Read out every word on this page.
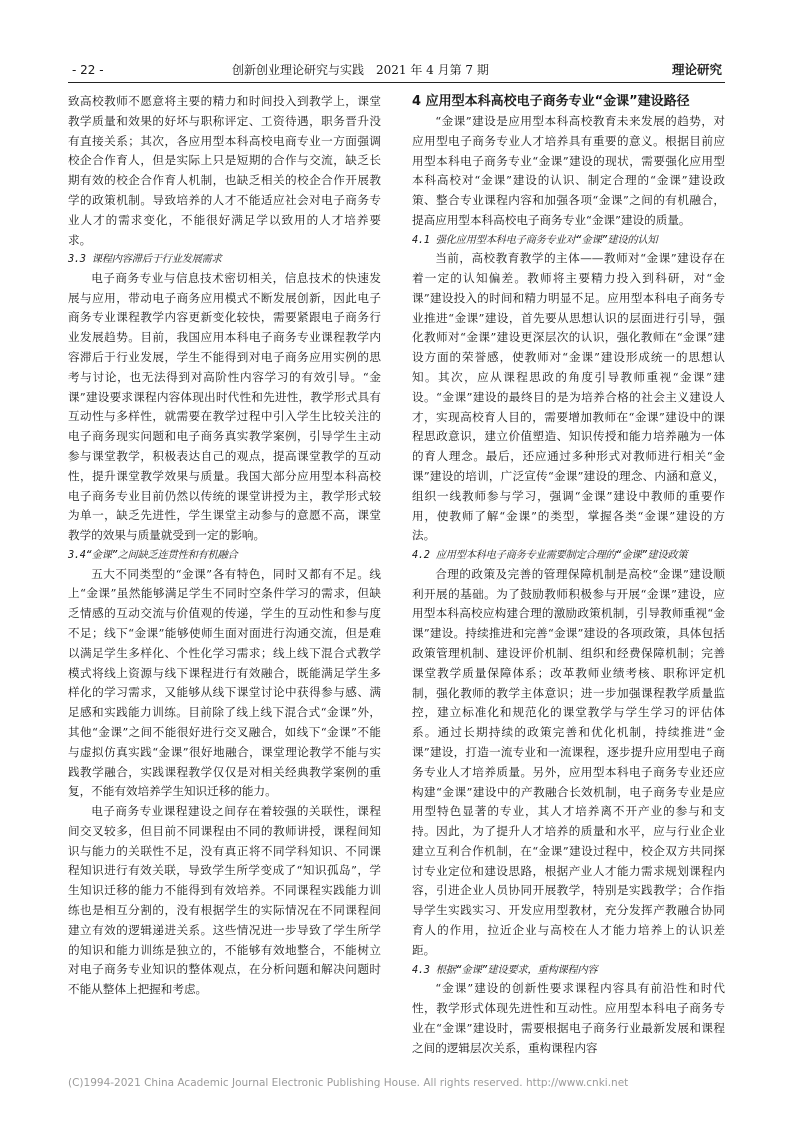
- 22 -	创新创业理论研究与实践　2021 年 4 月第 7 期	理论研究

致高校教师不愿意将主要的精力和时间投入到教学上，课堂教学质量和效果的好坏与职称评定、工资待遇，职务晋升没有直接关系；其次，各应用型本科高校电商专业一方面强调校企合作育人，但是实际上只是短期的合作与交流，缺乏长期有效的校企合作育人机制，也缺乏相关的校企合作开展教学的政策机制。导致培养的人才不能适应社会对电子商务专业人才的需求变化，不能很好满足学以致用的人才培养要求。

3.3 课程内容滞后于行业发展需求

电子商务专业与信息技术密切相关，信息技术的快速发展与应用，带动电子商务应用模式不断发展创新，因此电子商务专业课程教学内容更新变化较快，需要紧跟电子商务行业发展趋势。目前，我国应用本科电子商务专业课程教学内容滞后于行业发展，学生不能得到对电子商务应用实例的思考与讨论，也无法得到对高阶性内容学习的有效引导。“金课”建设要求课程内容体现出时代性和先进性，教学形式具有互动性与多样性，就需要在教学过程中引入学生比较关注的电子商务现实问题和电子商务真实教学案例，引导学生主动参与课堂教学，积极表达自己的观点，提高课堂教学的互动性，提升课堂教学效果与质量。我国大部分应用型本科高校电子商务专业目前仍然以传统的课堂讲授为主，教学形式较为单一，缺乏先进性，学生课堂主动参与的意愿不高，课堂教学的效果与质量就受到一定的影响。

3.4“金课”之间缺乏连贯性和有机融合

五大不同类型的“金课”各有特色，同时又都有不足。线上“金课”虽然能够满足学生不同时空条件学习的需求，但缺乏情感的互动交流与价值观的传递，学生的互动性和参与度不足；线下“金课”能够使师生面对面进行沟通交流，但是难以满足学生多样化、个性化学习需求；线上线下混合式教学模式将线上资源与线下课程进行有效融合，既能满足学生多样化的学习需求，又能够从线下课堂讨论中获得参与感、满足感和实践能力训练。目前除了线上线下混合式“金课”外，其他“金课”之间不能很好进行交叉融合，如线下“金课”不能与虚拟仿真实践“金课”很好地融合，课堂理论教学不能与实践教学融合，实践课程教学仅仅是对相关经典教学案例的重复，不能有效培养学生知识迁移的能力。

电子商务专业课程建设之间存在着较强的关联性，课程间交叉较多，但目前不同课程由不同的教师讲授，课程间知识与能力的关联性不足，没有真正将不同学科知识、不同课程知识进行有效关联，导致学生所学变成了“知识孤岛”，学生知识迁移的能力不能得到有效培养。不同课程实践能力训练也是相互分割的，没有根据学生的实际情况在不同课程间建立有效的逻辑递进关系。这些情况进一步导致了学生所学的知识和能力训练是独立的，不能够有效地整合，不能树立对电子商务专业知识的整体观点，在分析问题和解决问题时不能从整体上把握和考虑。

4 应用型本科高校电子商务专业“金课”建设路径

“金课”建设是应用型本科高校教育未来发展的趋势，对应用型电子商务专业人才培养具有重要的意义。根据目前应用型本科电子商务专业“金课”建设的现状，需要强化应用型本科高校对“金课”建设的认识、制定合理的“金课”建设政策、整合专业课程内容和加强各项“金课”之间的有机融合，提高应用型本科高校电子商务专业“金课”建设的质量。

4.1 强化应用型本科电子商务专业对“金课”建设的认知

当前，高校教育教学的主体——教师对“金课”建设存在着一定的认知偏差。教师将主要精力投入到科研，对“金课”建设投入的时间和精力明显不足。应用型本科电子商务专业推进“金课”建设，首先要从思想认识的层面进行引导，强化教师对“金课”建设更深层次的认识，强化教师在“金课”建设方面的荣誉感，使教师对“金课”建设形成统一的思想认知。其次，应从课程思政的角度引导教师重视“金课”建设。“金课”建设的最终目的是为培养合格的社会主义建设人才，实现高校育人目的，需要增加教师在“金课”建设中的课程思政意识，建立价值塑造、知识传授和能力培养融为一体的育人理念。最后，还应通过多种形式对教师进行相关“金课”建设的培训，广泛宣传“金课”建设的理念、内涵和意义，组织一线教师参与学习，强调“金课”建设中教师的重要作用，使教师了解“金课”的类型，掌握各类“金课”建设的方法。

4.2 应用型本科电子商务专业需要制定合理的“金课”建设政策

合理的政策及完善的管理保障机制是高校“金课”建设顺利开展的基础。为了鼓励教师积极参与开展“金课”建设，应用型本科高校应构建合理的激励政策机制，引导教师重视“金课”建设。持续推进和完善“金课”建设的各项政策，具体包括政策管理机制、建设评价机制、组织和经费保障机制；完善课堂教学质量保障体系；改革教师业绩考核、职称评定机制，强化教师的教学主体意识；进一步加强课程教学质量监控，建立标准化和规范化的课堂教学与学生学习的评估体系。通过长期持续的政策完善和优化机制，持续推进“金课”建设，打造一流专业和一流课程，逐步提升应用型电子商务专业人才培养质量。另外，应用型本科电子商务专业还应构建“金课”建设中的产教融合长效机制，电子商务专业是应用型特色显著的专业，其人才培养离不开产业的参与和支持。因此，为了提升人才培养的质量和水平，应与行业企业建立互利合作机制，在“金课”建设过程中，校企双方共同探讨专业定位和建设思路，根据产业人才能力需求规划课程内容，引进企业人员协同开展教学，特别是实践教学；合作指导学生实践实习、开发应用型教材，充分发挥产教融合协同育人的作用，拉近企业与高校在人才能力培养上的认识差距。

4.3 根据“金课”建设要求，重构课程内容

“金课”建设的创新性要求课程内容具有前沿性和时代性，教学形式体现先进性和互动性。应用型本科电子商务专业在“金课”建设时，需要根据电子商务行业最新发展和课程之间的逻辑层次关系，重构课程内容

(C)1994-2021 China Academic Journal Electronic Publishing House. All rights reserved. http://www.cnki.net
